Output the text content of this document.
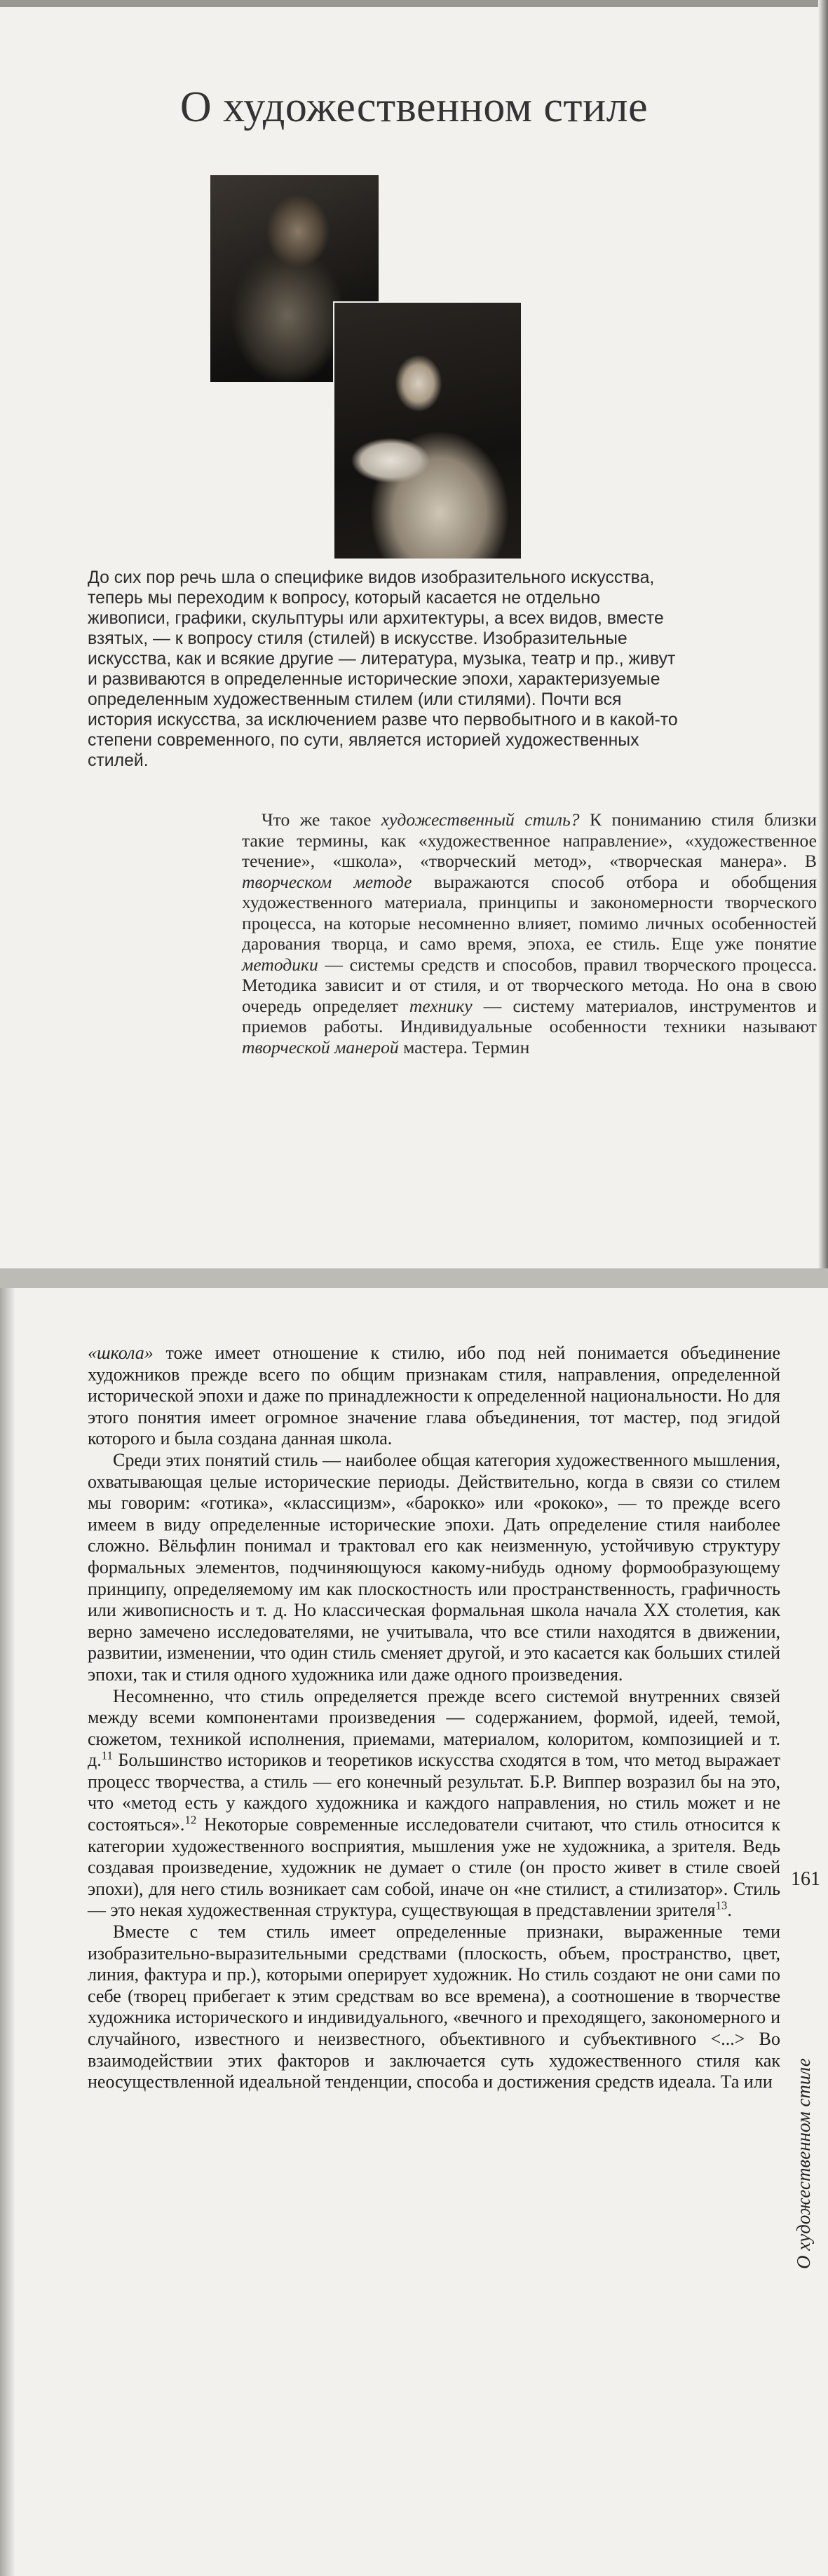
О художественном стиле
До сих пор речь шла о специфике видов изобразительного искусства, теперь мы переходим к вопросу, который касается не отдельно живописи, графики, скульптуры или архитектуры, а всех видов, вместе взятых, — к вопросу стиля (стилей) в искусстве. Изобразительные искусства, как и всякие другие — литература, музыка, театр и пр., живут и развиваются в определенные исторические эпохи, характеризуемые определенным художественным стилем (или стилями). Почти вся история искусства, за исключением разве что первобытного и в какой-то степени современного, по сути, является историей художественных стилей.

Что же такое художественный стиль? К пониманию стиля близки такие термины, как «художественное направление», «художественное течение», «школа», «творческий метод», «творческая манера». В творческом методе выражаются способ отбора и обобщения художественного материала, принципы и закономерности творческого процесса, на которые несомненно влияет, помимо личных особенностей дарования творца, и само время, эпоха, ее стиль. Еще уже понятие методики — системы средств и способов, правил творческого процесса. Методика зависит и от стиля, и от творческого метода. Но она в свою очередь определяет технику — систему материалов, инструментов и приемов работы. Индивидуальные особенности техники называют творческой манерой мастера. Термин

«школа» тоже имеет отношение к стилю, ибо под ней понимается объединение художников прежде всего по общим признакам стиля, направления, определенной исторической эпохи и даже по принадлежности к определенной национальности. Но для этого понятия имеет огромное значение глава объединения, тот мастер, под эгидой которого и была создана данная школа.

Среди этих понятий стиль — наиболее общая категория художественного мышления, охватывающая целые исторические периоды. Действительно, когда в связи со стилем мы говорим: «готика», «классицизм», «барокко» или «рококо», — то прежде всего имеем в виду определенные исторические эпохи. Дать определение стиля наиболее сложно. Вёльфлин понимал и трактовал его как неизменную, устойчивую структуру формальных элементов, подчиняющуюся какому-нибудь одному формообразующему принципу, определяемому им как плоскостность или пространственность, графичность или живописность и т. д. Но классическая формальная школа начала XX столетия, как верно замечено исследователями, не учитывала, что все стили находятся в движении, развитии, изменении, что один стиль сменяет другой, и это касается как больших стилей эпохи, так и стиля одного художника или даже одного произведения.

Несомненно, что стиль определяется прежде всего системой внутренних связей между всеми компонентами произведения — содержанием, формой, идеей, темой, сюжетом, техникой исполнения, приемами, материалом, колоритом, композицией и т. д.$^{11}$ Большинство историков и теоретиков искусства сходятся в том, что метод выражает процесс творчества, а стиль — его конечный результат. Б.Р. Виппер возразил бы на это, что «метод есть у каждого художника и каждого направления, но стиль может и не состояться».$^{12}$ Некоторые современные исследователи считают, что стиль относится к категории художественного восприятия, мышления уже не художника, а зрителя. Ведь создавая произведение, художник не думает о стиле (он просто живет в стиле своей эпохи), для него стиль возникает сам собой, иначе он «не стилист, а стилизатор». Стиль — это некая художественная структура, существующая в представлении зрителя$^{13}$.

Вместе с тем стиль имеет определенные признаки, выраженные теми изобразительно-выразительными средствами (плоскость, объем, пространство, цвет, линия, фактура и пр.), которыми оперирует художник. Но стиль создают не они сами по себе (творец прибегает к этим средствам во все времена), а соотношение в творчестве художника исторического и индивидуального, «вечного и преходящего, закономерного и случайного, известного и неизвестного, объективного и субъективного <...> Во взаимодействии этих факторов и заключается суть художественного стиля как неосуществленной идеальной тенденции, способа и достижения средств идеала. Та или

161
О художественном стиле
